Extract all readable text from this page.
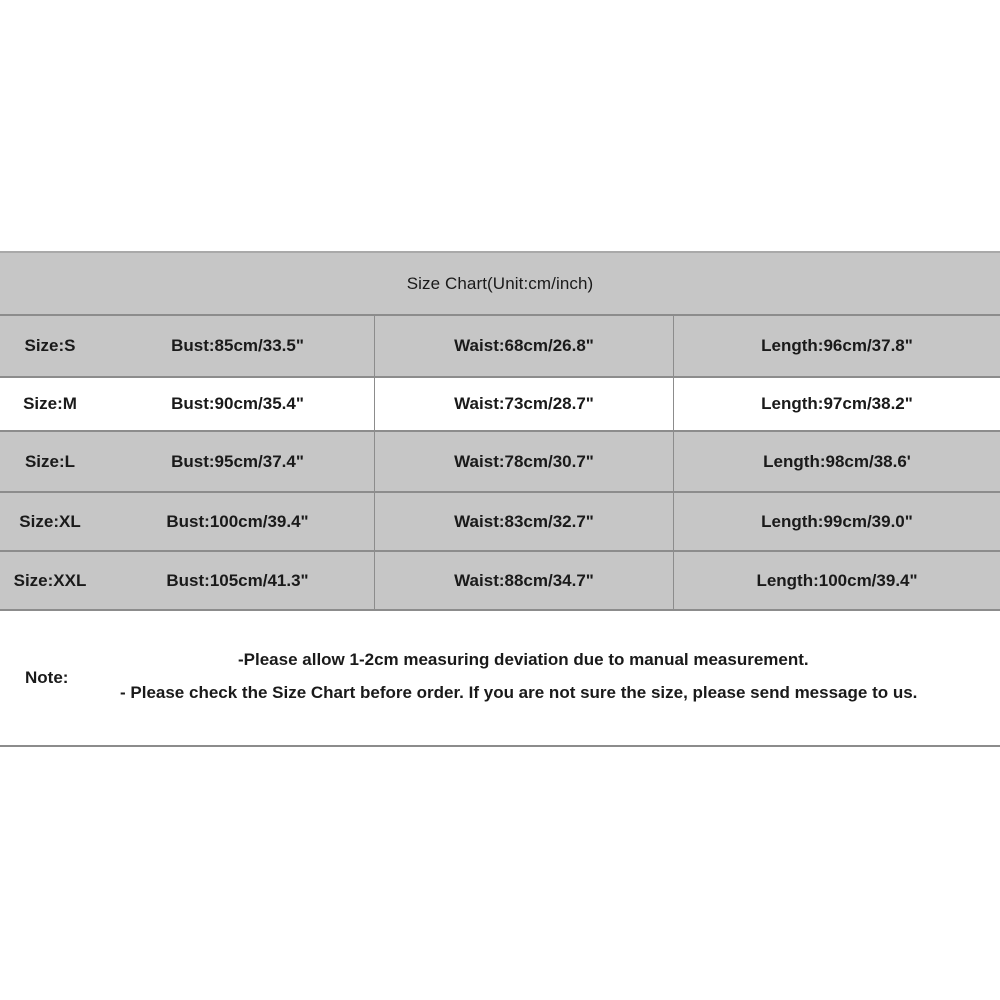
Size Chart(Unit:cm/inch)
Size:S	Bust:85cm/33.5"	Waist:68cm/26.8"	Length:96cm/37.8"
Size:M	Bust:90cm/35.4"	Waist:73cm/28.7"	Length:97cm/38.2"
Size:L	Bust:95cm/37.4"	Waist:78cm/30.7"	Length:98cm/38.6'
Size:XL	Bust:100cm/39.4"	Waist:83cm/32.7"	Length:99cm/39.0"
Size:XXL	Bust:105cm/41.3"	Waist:88cm/34.7"	Length:100cm/39.4"
Note:
-Please allow 1-2cm measuring deviation due to manual measurement.
- Please check the Size Chart before order. If you are not sure the size, please send message to us.
